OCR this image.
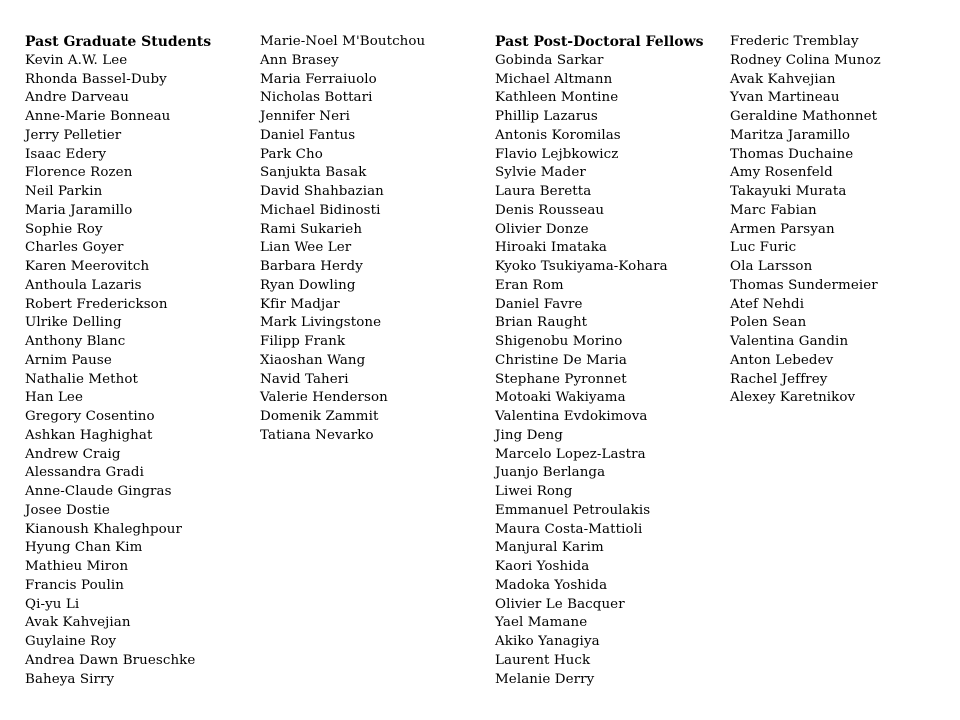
Past Graduate Students
Kevin A.W. Lee
Rhonda Bassel-Duby
Andre Darveau
Anne-Marie Bonneau
Jerry Pelletier
Isaac Edery
Florence Rozen
Neil Parkin
Maria Jaramillo
Sophie Roy
Charles Goyer
Karen Meerovitch
Anthoula Lazaris
Robert Frederickson
Ulrike Delling
Anthony Blanc
Arnim Pause
Nathalie Methot
Han Lee
Gregory Cosentino
Ashkan Haghighat
Andrew Craig
Alessandra Gradi
Anne-Claude Gingras
Josee Dostie
Kianoush Khaleghpour
Hyung Chan Kim
Mathieu Miron
Francis Poulin
Qi-yu Li
Avak Kahvejian
Guylaine Roy
Andrea Dawn Brueschke
Baheya Sirry
Marie-Noel M'Boutchou
Ann Brasey
Maria Ferraiuolo
Nicholas Bottari
Jennifer Neri
Daniel Fantus
Park Cho
Sanjukta Basak
David Shahbazian
Michael Bidinosti
Rami Sukarieh
Lian Wee Ler
Barbara Herdy
Ryan Dowling
Kfir Madjar
Mark Livingstone
Filipp Frank
Xiaoshan Wang
Navid Taheri
Valerie Henderson
Domenik Zammit
Tatiana Nevarko
Past Post-Doctoral Fellows
Gobinda Sarkar
Michael Altmann
Kathleen Montine
Phillip Lazarus
Antonis Koromilas
Flavio Lejbkowicz
Sylvie Mader
Laura Beretta
Denis Rousseau
Olivier Donze
Hiroaki Imataka
Kyoko Tsukiyama-Kohara
Eran Rom
Daniel Favre
Brian Raught
Shigenobu Morino
Christine De Maria
Stephane Pyronnet
Motoaki Wakiyama
Valentina Evdokimova
Jing Deng
Marcelo Lopez-Lastra
Juanjo Berlanga
Liwei Rong
Emmanuel Petroulakis
Maura Costa-Mattioli
Manjural Karim
Kaori Yoshida
Madoka Yoshida
Olivier Le Bacquer
Yael Mamane
Akiko Yanagiya
Laurent Huck
Melanie Derry
Frederic Tremblay
Rodney Colina Munoz
Avak Kahvejian
Yvan Martineau
Geraldine Mathonnet
Maritza Jaramillo
Thomas Duchaine
Amy Rosenfeld
Takayuki Murata
Marc Fabian
Armen Parsyan
Luc Furic
Ola Larsson
Thomas Sundermeier
Atef Nehdi
Polen Sean
Valentina Gandin
Anton Lebedev
Rachel Jeffrey
Alexey Karetnikov
